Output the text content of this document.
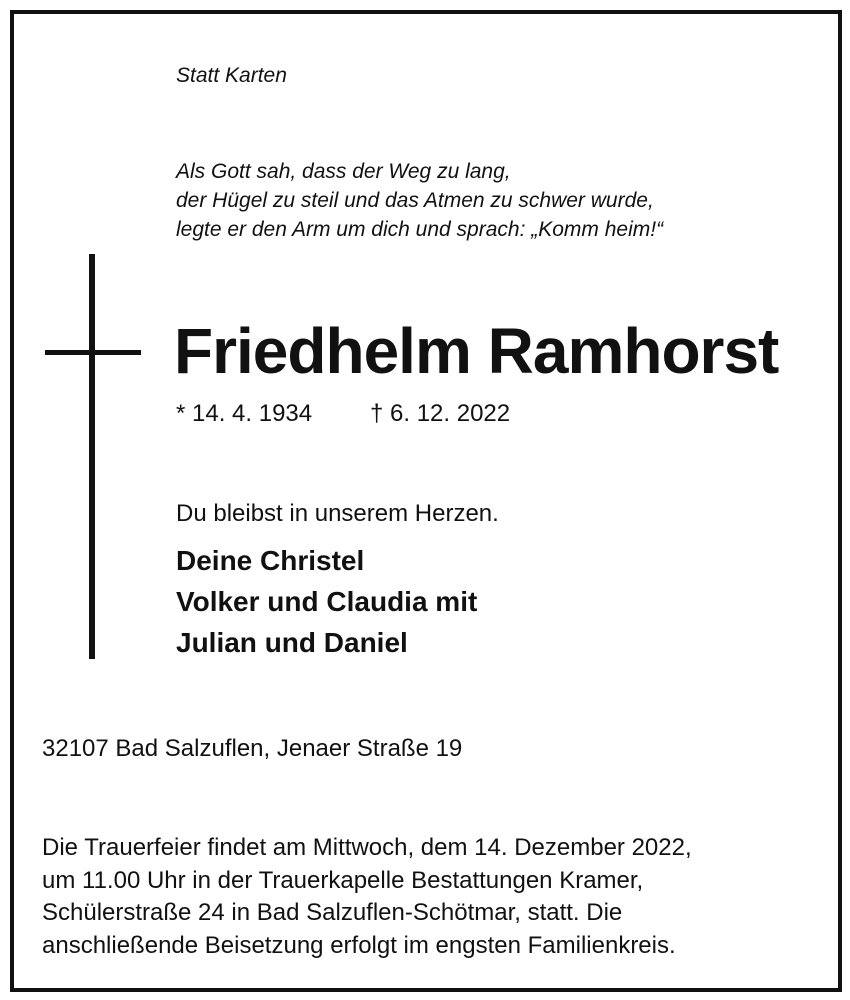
Statt Karten
Als Gott sah, dass der Weg zu lang,
der Hügel zu steil und das Atmen zu schwer wurde,
legte er den Arm um dich und sprach: „Komm heim!“
Friedhelm Ramhorst
* 14. 4. 1934 † 6. 12. 2022
Du bleibst in unserem Herzen.
Deine Christel
Volker und Claudia mit
Julian und Daniel
32107 Bad Salzuflen, Jenaer Straße 19
Die Trauerfeier findet am Mittwoch, dem 14. Dezember 2022,
um 11.00 Uhr in der Trauerkapelle Bestattungen Kramer,
Schülerstraße 24 in Bad Salzuflen-Schötmar, statt. Die
anschließende Beisetzung erfolgt im engsten Familienkreis.
